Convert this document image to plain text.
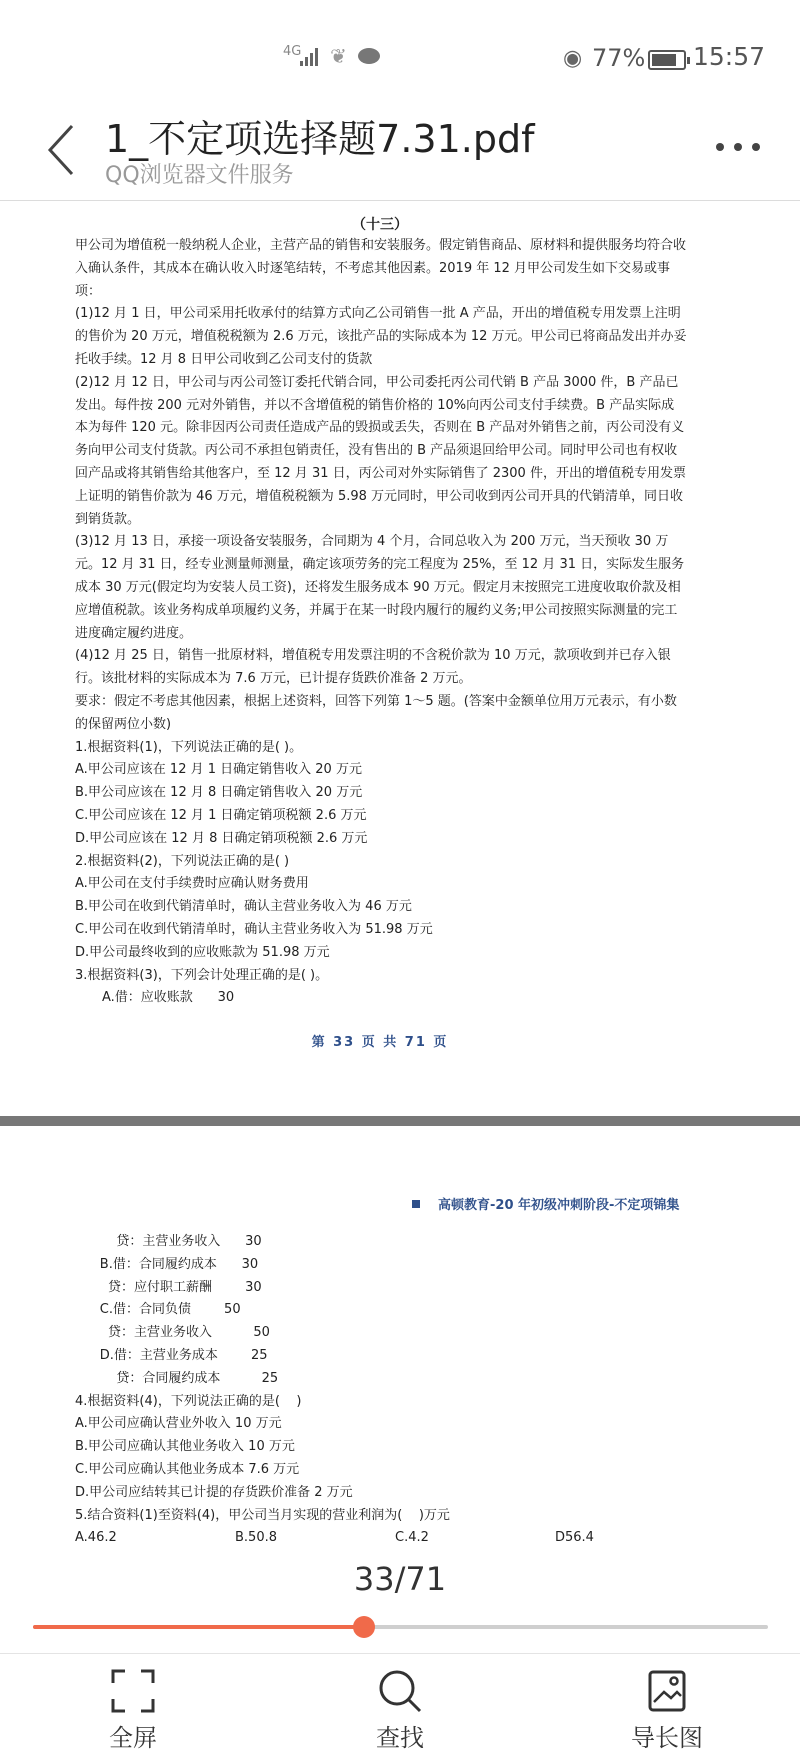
4G ❦	◉ 77% 15:57
1_不定项选择题7.31.pdf
QQ浏览器文件服务
（十三）

甲公司为增值税一般纳税人企业，主营产品的销售和安装服务。假定销售商品、原材料和提供服务均符合收入确认条件，其成本在确认收入时逐笔结转，不考虑其他因素。2019 年 12 月甲公司发生如下交易或事项：

(1)12 月 1 日，甲公司采用托收承付的结算方式向乙公司销售一批 A 产品，开出的增值税专用发票上注明的售价为 20 万元，增值税税额为 2.6 万元，该批产品的实际成本为 12 万元。甲公司已将商品发出并办妥托收手续。12 月 8 日甲公司收到乙公司支付的货款

(2)12 月 12 日，甲公司与丙公司签订委托代销合同，甲公司委托丙公司代销 B 产品 3000 件，B 产品已发出。每件按 200 元对外销售，并以不含增值税的销售价格的 10%向丙公司支付手续费。B 产品实际成本为每件 120 元。除非因丙公司责任造成产品的毁损或丢失，否则在 B 产品对外销售之前，丙公司没有义务向甲公司支付货款。丙公司不承担包销责任，没有售出的 B 产品须退回给甲公司。同时甲公司也有权收回产品或将其销售给其他客户，至 12 月 31 日，丙公司对外实际销售了 2300 件，开出的增值税专用发票上证明的销售价款为 46 万元，增值税税额为 5.98 万元同时，甲公司收到丙公司开具的代销清单，同日收到销货款。

(3)12 月 13 日，承接一项设备安装服务，合同期为 4 个月，合同总收入为 200 万元，当天预收 30 万元。12 月 31 日，经专业测量师测量，确定该项劳务的完工程度为 25%，至 12 月 31 日，实际发生服务成本 30 万元(假定均为安装人员工资)，还将发生服务成本 90 万元。假定月末按照完工进度收取价款及相应增值税款。该业务构成单项履约义务，并属于在某一时段内履行的履约义务;甲公司按照实际测量的完工进度确定履约进度。

(4)12 月 25 日，销售一批原材料，增值税专用发票注明的不含税价款为 10 万元，款项收到并已存入银行。该批材料的实际成本为 7.6 万元，已计提存货跌价准备 2 万元。

要求：假定不考虑其他因素，根据上述资料，回答下列第 1～5 题。(答案中金额单位用万元表示，有小数的保留两位小数)

1.根据资料(1)，下列说法正确的是( )。

A.甲公司应该在 12 月 1 日确定销售收入 20 万元

B.甲公司应该在 12 月 8 日确定销售收入 20 万元

C.甲公司应该在 12 月 1 日确定销项税额 2.6 万元

D.甲公司应该在 12 月 8 日确定销项税额 2.6 万元

2.根据资料(2)，下列说法正确的是( )

A.甲公司在支付手续费时应确认财务费用

B.甲公司在收到代销清单时，确认主营业务收入为 46 万元

C.甲公司在收到代销清单时，确认主营业务收入为 51.98 万元

D.甲公司最终收到的应收账款为 51.98 万元

3.根据资料(3)，下列会计处理正确的是( )。

A.借：应收账款      30

第 33 页 共 71 页
高顿教育-20 年初级冲刺阶段-不定项锦集

贷：主营业务收入      30

B.借：合同履约成本      30

贷：应付职工薪酬        30

C.借：合同负债        50

贷：主营业务收入          50

D.借：主营业务成本        25

贷：合同履约成本          25

4.根据资料(4)，下列说法正确的是(    )

A.甲公司应确认营业外收入 10 万元

B.甲公司应确认其他业务收入 10 万元

C.甲公司应确认其他业务成本 7.6 万元

D.甲公司应结转其已计提的存货跌价准备 2 万元

5.结合资料(1)至资料(4)，甲公司当月实现的营业利润为(    )万元

A.46.2	B.50.8	C.4.2	D56.4
33/71
全屏	查找	导长图
